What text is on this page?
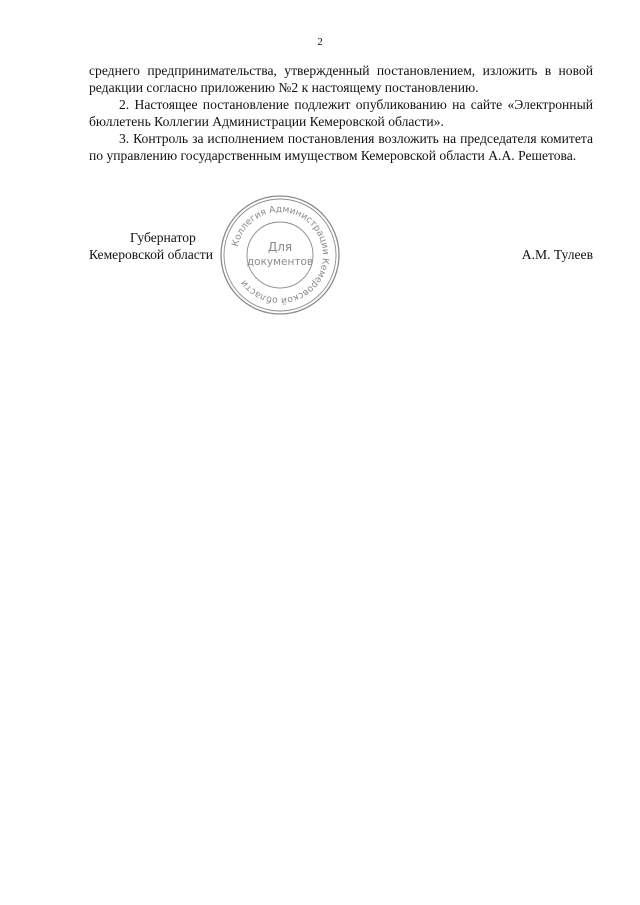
2

среднего предпринимательства, утвержденный постановлением, изложить в новой редакции согласно приложению №2 к настоящему постановлению.

2. Настоящее постановление подлежит опубликованию на сайте «Электронный бюллетень Коллегии Администрации Кемеровской области».

3. Контроль за исполнением постановления возложить на председателя комитета по управлению государственным имуществом Кемеровской области А.А. Решетова.

Губернатор
Кемеровской области	А.М. Тулеев
Коллегия Администрации Кемеровской области
Для
документов
